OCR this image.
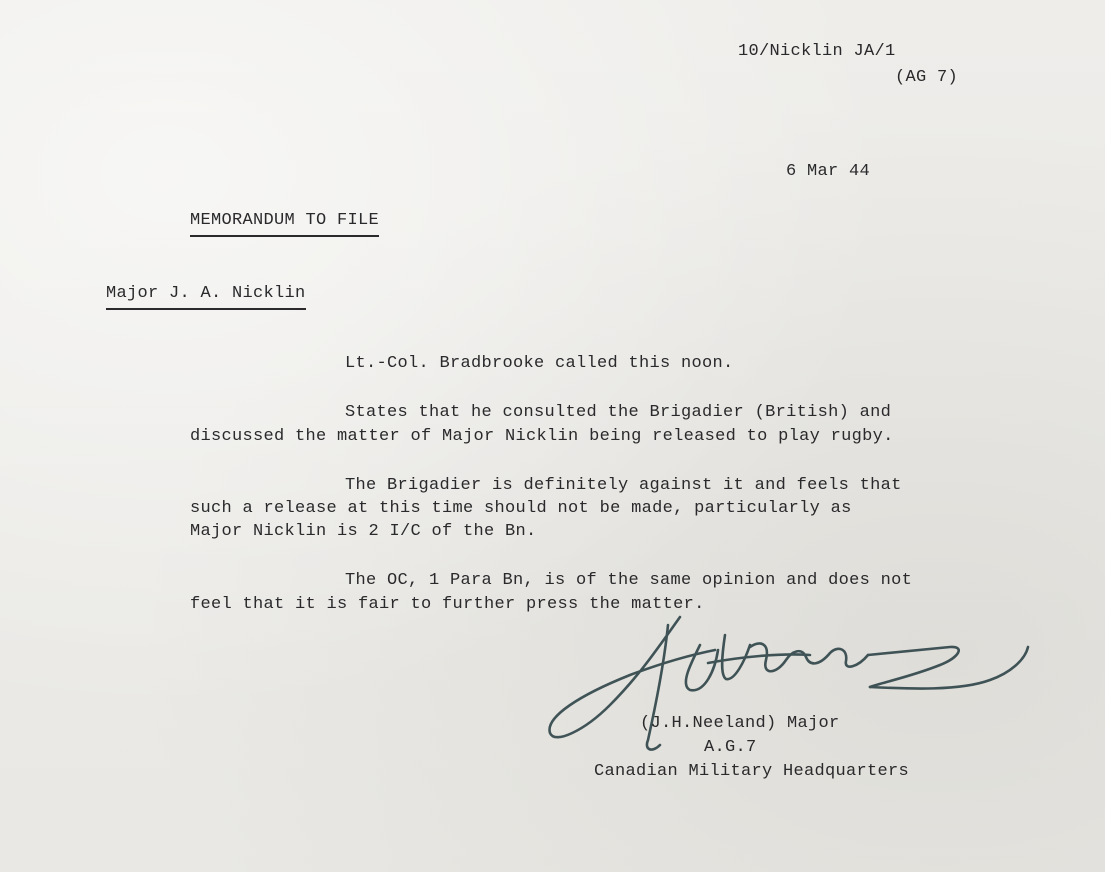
10/Nicklin JA/1
(AG 7)
6 Mar 44
MEMORANDUM TO FILE
Major J. A. Nicklin
Lt.-Col. Bradbrooke called this noon.
States that he consulted the Brigadier (British) and
discussed the matter of Major Nicklin being released to play rugby.
The Brigadier is definitely against it and feels that
such a release at this time should not be made, particularly as
Major Nicklin is 2 I/C of the Bn.
The OC, 1 Para Bn, is of the same opinion and does not
feel that it is fair to further press the matter.
(J.H.Neeland) Major
A.G.7
Canadian Military Headquarters
